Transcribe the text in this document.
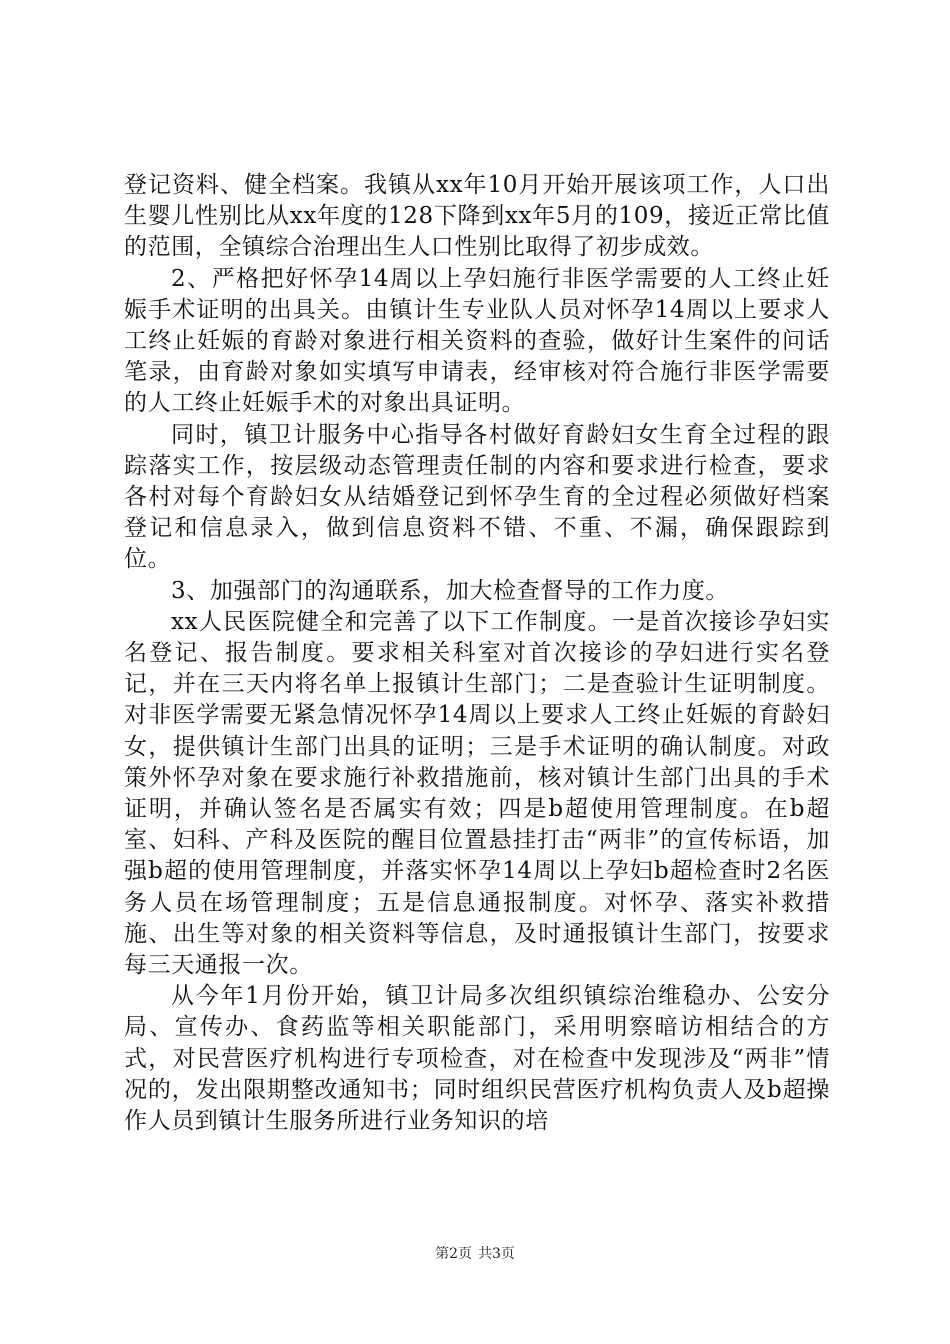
登记资料、健全档案。我镇从xx年10月开始开展该项工作，人口出生婴儿性别比从xx年度的128下降到xx年5月的109，接近正常比值的范围，全镇综合治理出生人口性别比取得了初步成效。

2、严格把好怀孕14周以上孕妇施行非医学需要的人工终止妊娠手术证明的出具关。由镇计生专业队人员对怀孕14周以上要求人工终止妊娠的育龄对象进行相关资料的查验，做好计生案件的问话笔录，由育龄对象如实填写申请表，经审核对符合施行非医学需要的人工终止妊娠手术的对象出具证明。

同时，镇卫计服务中心指导各村做好育龄妇女生育全过程的跟踪落实工作，按层级动态管理责任制的内容和要求进行检查，要求各村对每个育龄妇女从结婚登记到怀孕生育的全过程必须做好档案登记和信息录入，做到信息资料不错、不重、不漏，确保跟踪到位。

3、加强部门的沟通联系，加大检查督导的工作力度。

xx人民医院健全和完善了以下工作制度。一是首次接诊孕妇实名登记、报告制度。要求相关科室对首次接诊的孕妇进行实名登记，并在三天内将名单上报镇计生部门；二是查验计生证明制度。对非医学需要无紧急情况怀孕14周以上要求人工终止妊娠的育龄妇女，提供镇计生部门出具的证明；三是手术证明的确认制度。对政策外怀孕对象在要求施行补救措施前，核对镇计生部门出具的手术证明，并确认签名是否属实有效；四是b超使用管理制度。在b超室、妇科、产科及医院的醒目位置悬挂打击“两非”的宣传标语，加强b超的使用管理制度，并落实怀孕14周以上孕妇b超检查时2名医务人员在场管理制度；五是信息通报制度。对怀孕、落实补救措施、出生等对象的相关资料等信息，及时通报镇计生部门，按要求每三天通报一次。

从今年1月份开始，镇卫计局多次组织镇综治维稳办、公安分局、宣传办、食药监等相关职能部门，采用明察暗访相结合的方式，对民营医疗机构进行专项检查，对在检查中发现涉及“两非”情况的，发出限期整改通知书；同时组织民营医疗机构负责人及b超操作人员到镇计生服务所进行业务知识的培

第2页 共3页
